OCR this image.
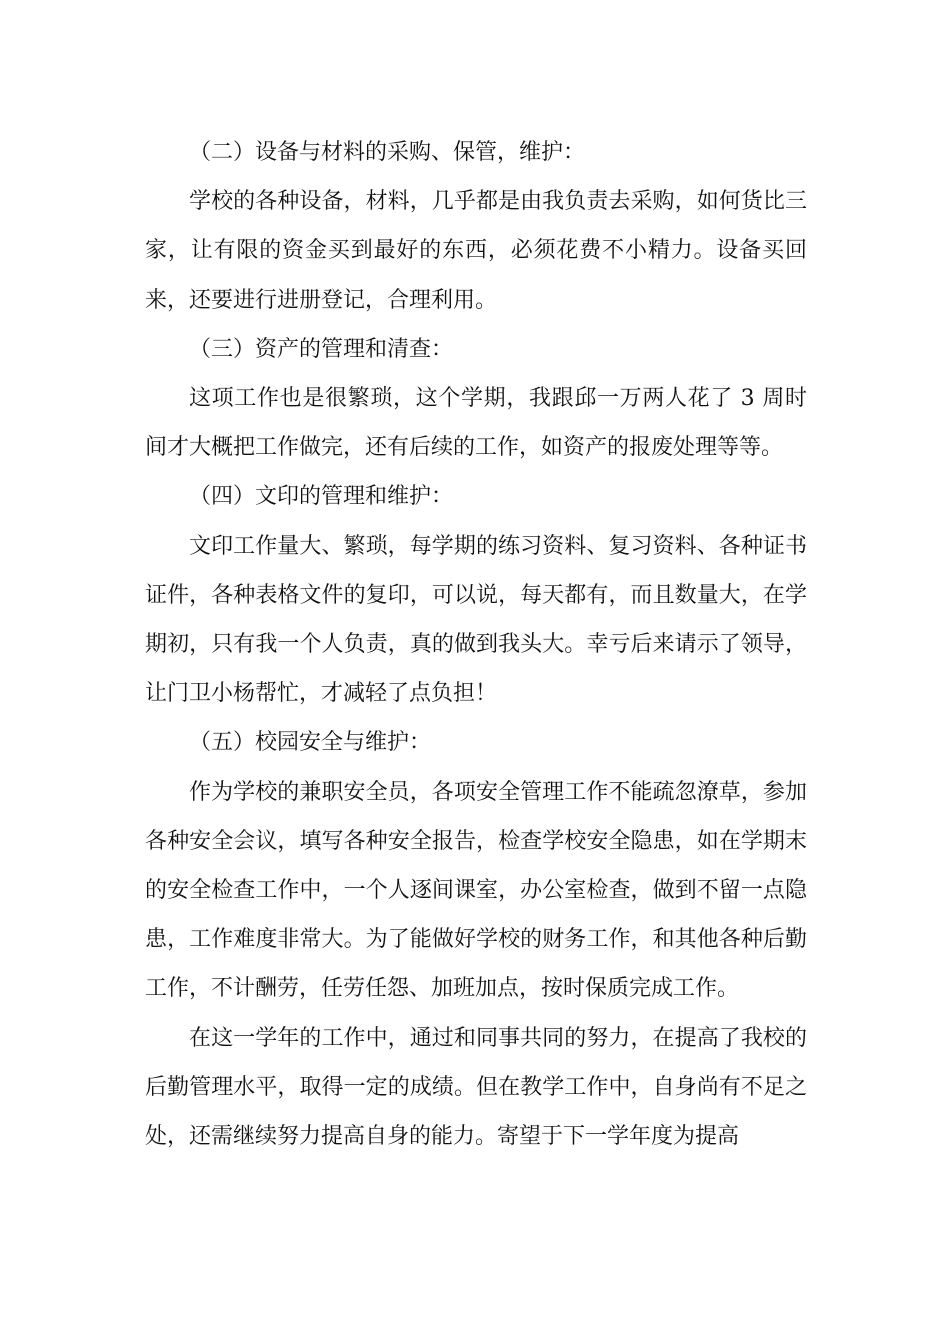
（二）设备与材料的采购、保管，维护：

学校的各种设备，材料，几乎都是由我负责去采购，如何货比三家，让有限的资金买到最好的东西，必须花费不小精力。设备买回来，还要进行进册登记，合理利用。

（三）资产的管理和清查：

这项工作也是很繁琐，这个学期，我跟邱一万两人花了 3 周时间才大概把工作做完，还有后续的工作，如资产的报废处理等等。

（四）文印的管理和维护：

文印工作量大、繁琐，每学期的练习资料、复习资料、各种证书证件，各种表格文件的复印，可以说，每天都有，而且数量大，在学期初，只有我一个人负责，真的做到我头大。幸亏后来请示了领导，让门卫小杨帮忙，才减轻了点负担！

（五）校园安全与维护：

作为学校的兼职安全员，各项安全管理工作不能疏忽潦草，参加各种安全会议，填写各种安全报告，检查学校安全隐患，如在学期末的安全检查工作中，一个人逐间课室，办公室检查，做到不留一点隐患，工作难度非常大。为了能做好学校的财务工作，和其他各种后勤工作，不计酬劳，任劳任怨、加班加点，按时保质完成工作。

在这一学年的工作中，通过和同事共同的努力，在提高了我校的后勤管理水平，取得一定的成绩。但在教学工作中，自身尚有不足之处，还需继续努力提高自身的能力。寄望于下一学年度为提高
